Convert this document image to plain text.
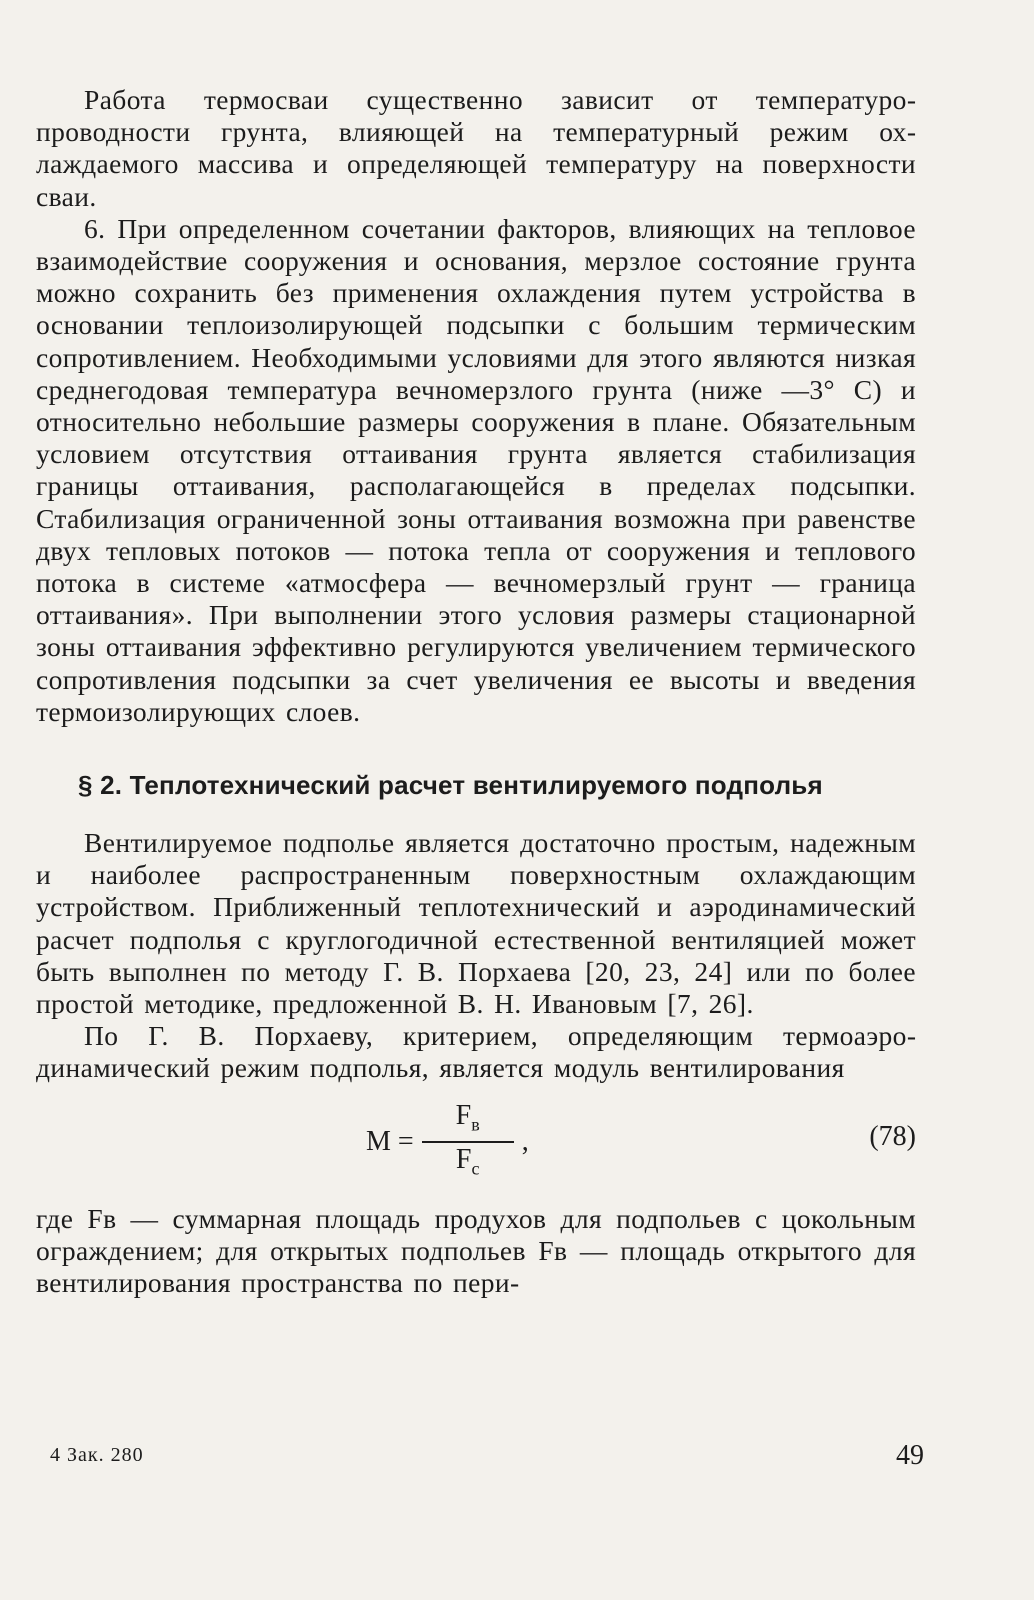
Работа термосваи существенно зависит от температуропроводности грунта, влияющей на температурный режим охлаждаемого массива и определяющей температуру на поверхности сваи.

6. При определенном сочетании факторов, влияющих на тепловое взаимодействие сооружения и основания, мерзлое состояние грунта можно сохранить без применения охлаждения путем устройства в основании теплоизолирующей подсыпки с большим термическим сопротивлением. Необходимыми условиями для этого являются низкая среднегодовая температура вечномерзлого грунта (ниже —3° С) и относительно небольшие размеры сооружения в плане. Обязательным условием отсутствия оттаивания грунта является стабилизация границы оттаивания, располагающейся в пределах подсыпки. Стабилизация ограниченной зоны оттаивания возможна при равенстве двух тепловых потоков — потока тепла от сооружения и теплового потока в системе «атмосфера — вечномерзлый грунт — граница оттаивания». При выполнении этого условия размеры стационарной зоны оттаивания эффективно регулируются увеличением термического сопротивления подсыпки за счет увеличения ее высоты и введения термоизолирующих слоев.

§ 2. Теплотехнический расчет вентилируемого подполья

Вентилируемое подполье является достаточно простым, надежным и наиболее распространенным поверхностным охлаждающим устройством. Приближенный теплотехнический и аэродинамический расчет подполья с круглогодичной естественной вентиляцией может быть выполнен по методу Г. В. Порхаева [20, 23, 24] или по более простой методике, предложенной В. Н. Ивановым [7, 26].

По Г. В. Порхаеву, критерием, определяющим термоаэродинамический режим подполья, является модуль вентилирования

$M = \frac{F_в}{F_c}$ ,	(78)

где Fв — суммарная площадь продухов для подпольев с цокольным ограждением; для открытых подпольев Fв — площадь открытого для вентилирования пространства по пери-

4 Зак. 280	49
